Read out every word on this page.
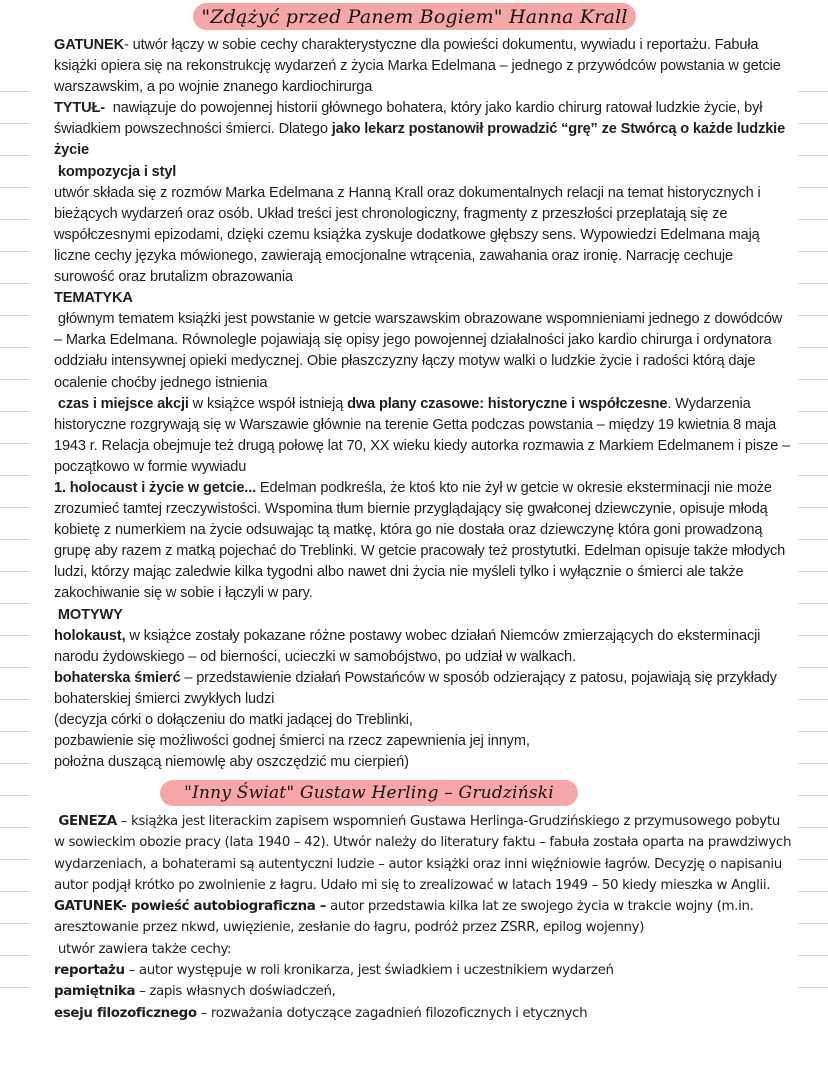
"Zdążyć przed Panem Bogiem" Hanna Krall

GATUNEK- utwór łączy w sobie cechy charakterystyczne dla powieści dokumentu, wywiadu i reportażu. Fabuła książki opiera się na rekonstrukcję wydarzeń z życia Marka Edelmana – jednego z przywódców powstania w getcie warszawskim, a po wojnie znanego kardiochirurga

TYTUŁ-  nawiązuje do powojennej historii głównego bohatera, który jako kardio chirurg ratował ludzkie życie, był świadkiem powszechności śmierci. Dlatego jako lekarz postanowił prowadzić “grę” ze Stwórcą o każde ludzkie życie

kompozycja i styl

utwór składa się z rozmów Marka Edelmana z Hanną Krall oraz dokumentalnych relacji na temat historycznych i bieżących wydarzeń oraz osób. Układ treści jest chronologiczny, fragmenty z przeszłości przeplatają się ze współczesnymi epizodami, dzięki czemu książka zyskuje dodatkowe głębszy sens. Wypowiedzi Edelmana mają liczne cechy języka mówionego, zawierają emocjonalne wtrącenia, zawahania oraz ironię. Narrację cechuje surowość oraz brutalizm obrazowania

TEMATYKA

głównym tematem książki jest powstanie w getcie warszawskim obrazowane wspomnieniami jednego z dowódców – Marka Edelmana. Równolegle pojawiają się opisy jego powojennej działalności jako kardio chirurga i ordynatora oddziału intensywnej opieki medycznej. Obie płaszczyzny łączy motyw walki o ludzkie życie i radości którą daje ocalenie choćby jednego istnienia

czas i miejsce akcji w książce współ istnieją dwa plany czasowe: historyczne i współczesne. Wydarzenia historyczne rozgrywają się w Warszawie głównie na terenie Getta podczas powstania – między 19 kwietnia 8 maja 1943 r. Relacja obejmuje też drugą połowę lat 70, XX wieku kiedy autorka rozmawia z Markiem Edelmanem i pisze – początkowo w formie wywiadu

1. holocaust i życie w getcie... Edelman podkreśla, że ktoś kto nie żył w getcie w okresie eksterminacji nie może zrozumieć tamtej rzeczywistości. Wspomina tłum biernie przyglądający się gwałconej dziewczynie, opisuje młodą kobietę z numerkiem na życie odsuwając tą matkę, która go nie dostała oraz dziewczynę która goni prowadzoną grupę aby razem z matką pojechać do Treblinki. W getcie pracowały też prostytutki. Edelman opisuje także młodych ludzi, którzy mając zaledwie kilka tygodni albo nawet dni życia nie myśleli tylko i wyłącznie o śmierci ale także zakochiwanie się w sobie i łączyli w pary.

MOTYWY

holokaust, w książce zostały pokazane różne postawy wobec działań Niemców zmierzających do eksterminacji narodu żydowskiego – od bierności, ucieczki w samobójstwo, po udział w walkach.

bohaterska śmierć – przedstawienie działań Powstańców w sposób odzierający z patosu, pojawiają się przykłady bohaterskiej śmierci zwykłych ludzi

(decyzja córki o dołączeniu do matki jadącej do Treblinki,

pozbawienie się możliwości godnej śmierci na rzecz zapewnienia jej innym,

położna duszącą niemowlę aby oszczędzić mu cierpień)

"Inny Świat" Gustaw Herling – Grudziński

GENEZA – książka jest literackim zapisem wspomnień Gustawa Herlinga-Grudzińskiego z przymusowego pobytu w sowieckim obozie pracy (lata 1940 – 42). Utwór należy do literatury faktu – fabuła została oparta na prawdziwych wydarzeniach, a bohaterami są autentyczni ludzie – autor książki oraz inni więźniowie łagrów. Decyzję o napisaniu autor podjął krótko po zwolnienie z łagru. Udało mi się to zrealizować w latach 1949 – 50 kiedy mieszka w Anglii.

GATUNEK- powieść autobiograficzna – autor przedstawia kilka lat ze swojego życia w trakcie wojny (m.in. aresztowanie przez nkwd, uwięzienie, zesłanie do łagru, podróż przez ZSRR, epilog wojenny)

utwór zawiera także cechy:

reportażu – autor występuje w roli kronikarza, jest świadkiem i uczestnikiem wydarzeń

pamiętnika – zapis własnych doświadczeń,

eseju filozoficznego – rozważania dotyczące zagadnień filozoficznych i etycznych
